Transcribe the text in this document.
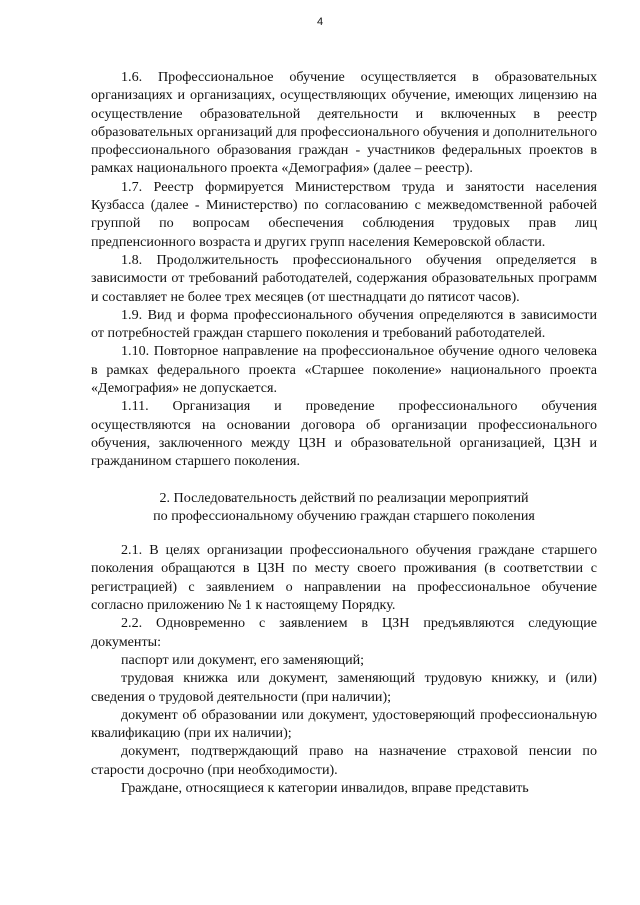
4

1.6. Профессиональное обучение осуществляется в образовательных организациях и организациях, осуществляющих обучение, имеющих лицензию на осуществление образовательной деятельности и включенных в реестр образовательных организаций для профессионального обучения и дополнительного профессионального образования граждан - участников федеральных проектов в рамках национального проекта «Демография» (далее – реестр).

1.7. Реестр формируется Министерством труда и занятости населения Кузбасса (далее - Министерство) по согласованию с межведомственной рабочей группой по вопросам обеспечения соблюдения трудовых прав лиц предпенсионного возраста и других групп населения Кемеровской области.

1.8. Продолжительность профессионального обучения определяется в зависимости от требований работодателей, содержания образовательных программ и составляет не более трех месяцев (от шестнадцати до пятисот часов).

1.9. Вид и форма профессионального обучения определяются в зависимости от потребностей граждан старшего поколения и требований работодателей.

1.10. Повторное направление на профессиональное обучение одного человека в рамках федерального проекта «Старшее поколение» национального проекта «Демография» не допускается.

1.11. Организация и проведение профессионального обучения осуществляются на основании договора об организации профессионального обучения, заключенного между ЦЗН и образовательной организацией, ЦЗН и гражданином старшего поколения.

2. Последовательность действий по реализации мероприятий
по профессиональному обучению граждан старшего поколения

2.1. В целях организации профессионального обучения граждане старшего поколения обращаются в ЦЗН по месту своего проживания (в соответствии с регистрацией) с заявлением о направлении на профессиональное обучение согласно приложению № 1 к настоящему Порядку.

2.2. Одновременно с заявлением в ЦЗН предъявляются следующие документы:

паспорт или документ, его заменяющий;

трудовая книжка или документ, заменяющий трудовую книжку, и (или) сведения о трудовой деятельности (при наличии);

документ об образовании или документ, удостоверяющий профессиональную квалификацию (при их наличии);

документ, подтверждающий право на назначение страховой пенсии по старости досрочно (при необходимости).

Граждане, относящиеся к категории инвалидов, вправе представить
